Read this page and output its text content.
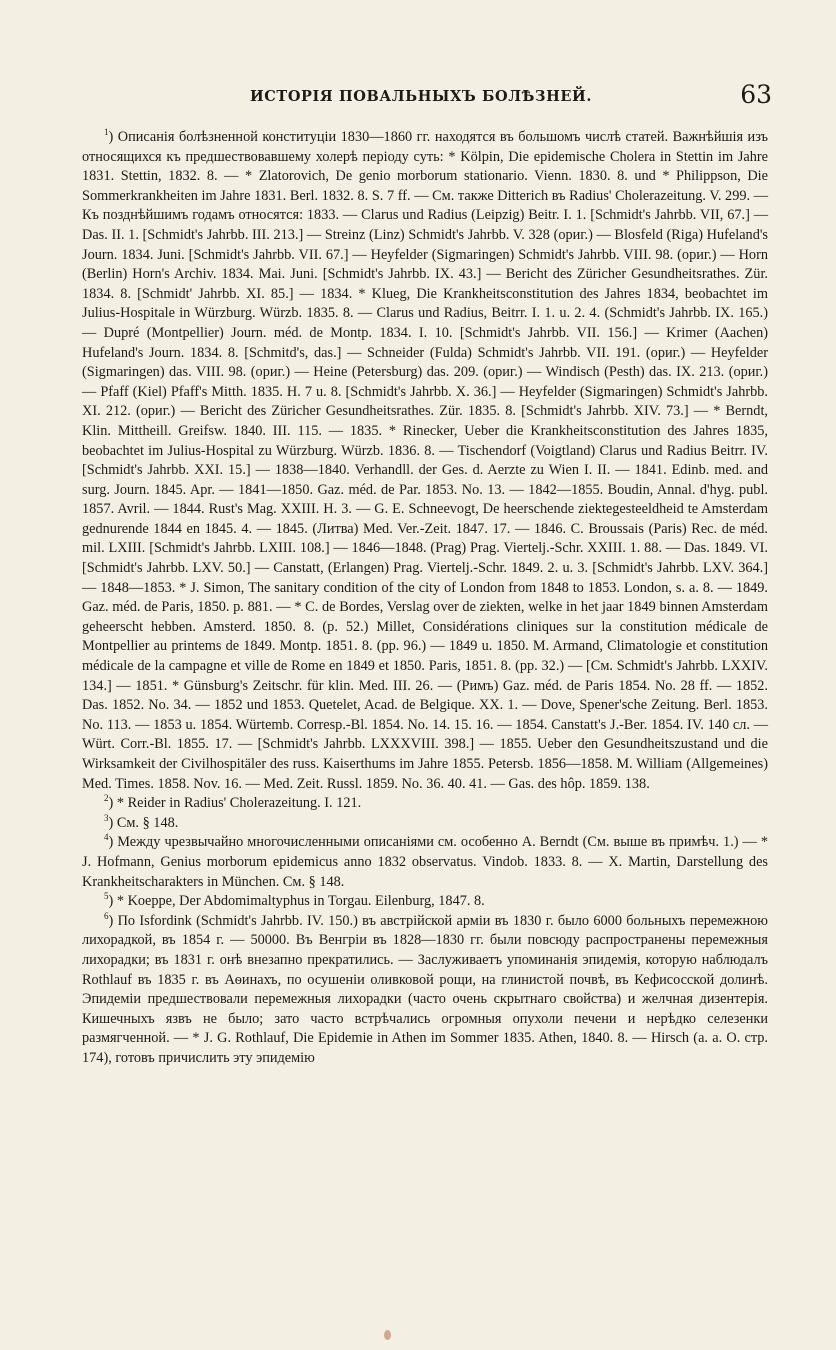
ИСТОРІЯ ПОВАЛЬНЫХЪ БОЛѢЗНЕЙ.	63

$^1$) Описанія болѣзненной конституціи 1830—1860 гг. находятся въ большомъ числѣ статей. Важнѣйшія изъ относящихся къ предшествовавшему холерѣ періоду суть: * Kölpin, Die epidemische Cholera in Stettin im Jahre 1831. Stettin, 1832. 8. — * Zlatorovich, De genio morborum stationario. Vienn. 1830. 8. und * Philippson, Die Sommerkrankheiten im Jahre 1831. Berl. 1832. 8. S. 7 ff. — См. также Ditterich въ Radius' Cholerazeitung. V. 299. — Къ позднѣйшимъ годамъ относятся: 1833. — Clarus und Radius (Leipzig) Beitr. I. 1. [Schmidt's Jahrbb. VII, 67.] — Das. II. 1. [Schmidt's Jahrbb. III. 213.] — Streinz (Linz) Schmidt's Jahrbb. V. 328 (ориг.) — Blosfeld (Riga) Hufeland's Journ. 1834. Juni. [Schmidt's Jahrbb. VII. 67.] — Heyfelder (Sigmaringen) Schmidt's Jahrbb. VIII. 98. (ориг.) — Horn (Berlin) Horn's Archiv. 1834. Mai. Juni. [Schmidt's Jahrbb. IX. 43.] — Bericht des Züricher Gesundheitsrathes. Zür. 1834. 8. [Schmidt' Jahrbb. XI. 85.] — 1834. * Klueg, Die Krankheitsconstitution des Jahres 1834, beobachtet im Julius-Hospitale in Würzburg. Würzb. 1835. 8. — Clarus und Radius, Beitrr. I. 1. u. 2. 4. (Schmidt's Jahrbb. IX. 165.) — Dupré (Montpellier) Journ. méd. de Montp. 1834. I. 10. [Schmidt's Jahrbb. VII. 156.] — Krimer (Aachen) Hufeland's Journ. 1834. 8. [Schmitd's, das.] — Schneider (Fulda) Schmidt's Jahrbb. VII. 191. (ориг.) — Heyfelder (Sigmaringen) das. VIII. 98. (ориг.) — Heine (Petersburg) das. 209. (ориг.) — Windisch (Pesth) das. IX. 213. (ориг.) — Pfaff (Kiel) Pfaff's Mitth. 1835. H. 7 u. 8. [Schmidt's Jahrbb. X. 36.] — Heyfelder (Sigmaringen) Schmidt's Jahrbb. XI. 212. (ориг.) — Bericht des Züricher Gesundheitsrathes. Zür. 1835. 8. [Schmidt's Jahrbb. XIV. 73.] — * Berndt, Klin. Mittheill. Greifsw. 1840. III. 115. — 1835. * Rinecker, Ueber die Krankheitsconstitution des Jahres 1835, beobachtet im Julius-Hospital zu Würzburg. Würzb. 1836. 8. — Tischendorf (Voigtland) Clarus und Radius Beitrr. IV. [Schmidt's Jahrbb. XXI. 15.] — 1838—1840. Verhandll. der Ges. d. Aerzte zu Wien I. II. — 1841. Edinb. med. and surg. Journ. 1845. Apr. — 1841—1850. Gaz. méd. de Par. 1853. No. 13. — 1842—1855. Boudin, Annal. d'hyg. publ. 1857. Avril. — 1844. Rust's Mag. XXIII. H. 3. — G. E. Schneevogt, De heerschende ziektegesteeldheid te Amsterdam gednurende 1844 en 1845. 4. — 1845. (Литва) Med. Ver.-Zeit. 1847. 17. — 1846. C. Broussais (Paris) Rec. de méd. mil. LXIII. [Schmidt's Jahrbb. LXIII. 108.] — 1846—1848. (Prag) Prag. Viertelj.-Schr. XXIII. 1. 88. — Das. 1849. VI. [Schmidt's Jahrbb. LXV. 50.] — Canstatt, (Erlangen) Prag. Viertelj.-Schr. 1849. 2. u. 3. [Schmidt's Jahrbb. LXV. 364.] — 1848—1853. * J. Simon, The sanitary condition of the city of London from 1848 to 1853. London, s. a. 8. — 1849. Gaz. méd. de Paris, 1850. p. 881. — * C. de Bordes, Verslag over de ziekten, welke in het jaar 1849 binnen Amsterdam geheerscht hebben. Amsterd. 1850. 8. (p. 52.) Millet, Considérations cliniques sur la constitution médicale de Montpellier au printems de 1849. Montp. 1851. 8. (pp. 96.) — 1849 u. 1850. M. Armand, Climatologie et constitution médicale de la campagne et ville de Rome en 1849 et 1850. Paris, 1851. 8. (pp. 32.) — [См. Schmidt's Jahrbb. LXXIV. 134.] — 1851. * Günsburg's Zeitschr. für klin. Med. III. 26. — (Римъ) Gaz. méd. de Paris 1854. No. 28 ff. — 1852. Das. 1852. No. 34. — 1852 und 1853. Quetelet, Acad. de Belgique. XX. 1. — Dove, Spener'sche Zeitung. Berl. 1853. No. 113. — 1853 u. 1854. Würtemb. Corresp.-Bl. 1854. No. 14. 15. 16. — 1854. Canstatt's J.-Ber. 1854. IV. 140 сл. — Würt. Corr.-Bl. 1855. 17. — [Schmidt's Jahrbb. LXXXVIII. 398.] — 1855. Ueber den Gesundheitszustand und die Wirksamkeit der Civilhospitäler des russ. Kaiserthums im Jahre 1855. Petersb. 1856—1858. M. William (Allgemeines) Med. Times. 1858. Nov. 16. — Med. Zeit. Russl. 1859. No. 36. 40. 41. — Gas. des hôp. 1859. 138.

$^2$) * Reider in Radius' Cholerazeitung. I. 121.

$^3$) См. § 148.

$^4$) Между чрезвычайно многочисленными описаніями см. особенно A. Berndt (См. выше въ примѣч. 1.) — * J. Hofmann, Genius morborum epidemicus anno 1832 observatus. Vindob. 1833. 8. — X. Martin, Darstellung des Krankheitscharakters in München. См. § 148.

$^5$) * Koeppe, Der Abdomimaltyphus in Torgau. Eilenburg, 1847. 8.

$^6$) По Isfordink (Schmidt's Jahrbb. IV. 150.) въ австрійской арміи въ 1830 г. было 6000 больныхъ перемежною лихорадкой, въ 1854 г. — 50000. Въ Венгріи въ 1828—1830 гг. были повсюду распространены перемежныя лихорадки; въ 1831 г. онѣ внезапно прекратились. — Заслуживаетъ упоминанія эпидемія, которую наблюдалъ Rothlauf въ 1835 г. въ Аѳинахъ, по осушеніи оливковой рощи, на глинистой почвѣ, въ Кефисосской долинѣ. Эпидеміи предшествовали перемежныя лихорадки (часто очень скрытнаго свойства) и желчная дизентерія. Кишечныхъ язвъ не было; зато часто встрѣчались огромныя опухоли печени и нерѣдко селезенки размягченной. — * J. G. Rothlauf, Die Epidemie in Athen im Sommer 1835. Athen, 1840. 8. — Hirsch (a. a. O. стр. 174), готовъ причислить эту эпидемію
